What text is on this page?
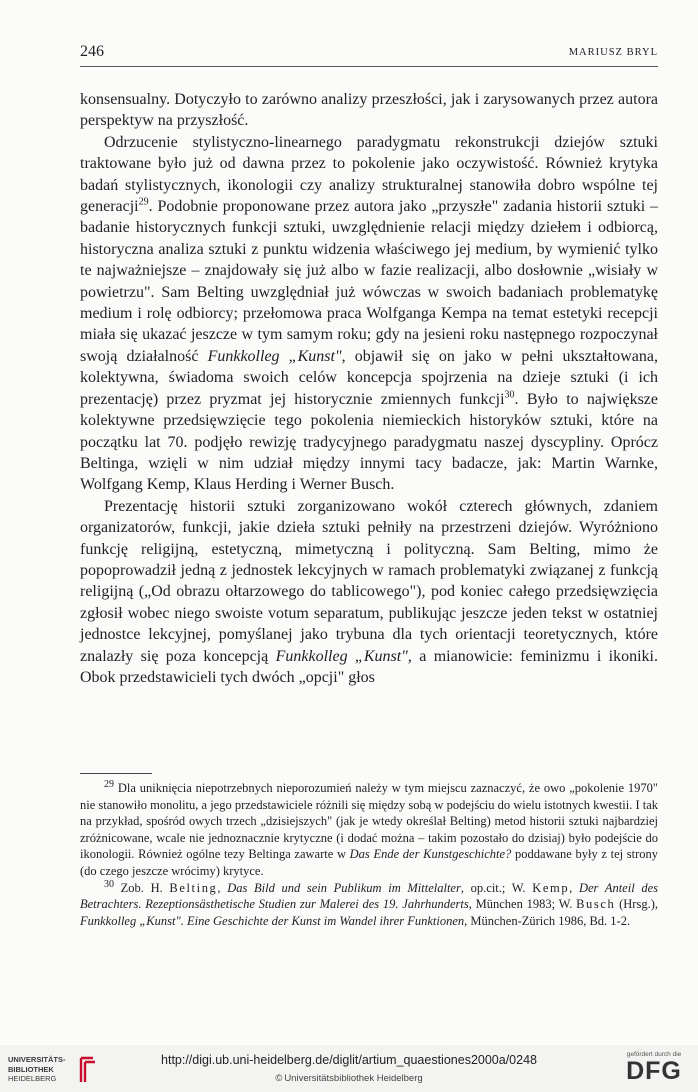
246	MARIUSZ BRYL

konsensualny. Dotyczyło to zarówno analizy przeszłości, jak i zarysowanych przez autora perspektyw na przyszłość.

Odrzucenie stylistyczno-linearnego paradygmatu rekonstrukcji dziejów sztuki traktowane było już od dawna przez to pokolenie jako oczywistość. Również krytyka badań stylistycznych, ikonologii czy analizy strukturalnej stanowiła dobro wspólne tej generacji$^{29}$. Podobnie proponowane przez autora jako „przyszłe" zadania historii sztuki – badanie historycznych funkcji sztuki, uwzględnienie relacji między dziełem i odbiorcą, historyczna analiza sztuki z punktu widzenia właściwego jej medium, by wymienić tylko te najważniejsze – znajdowały się już albo w fazie realizacji, albo dosłownie „wisiały w powietrzu". Sam Belting uwzględniał już wówczas w swoich badaniach problematykę medium i rolę odbiorcy; przełomowa praca Wolfganga Kempa na temat estetyki recepcji miała się ukazać jeszcze w tym samym roku; gdy na jesieni roku następnego rozpoczynał swoją działalność Funkkolleg „Kunst", objawił się on jako w pełni ukształtowana, kolektywna, świadoma swoich celów koncepcja spojrzenia na dzieje sztuki (i ich prezentację) przez pryzmat jej historycznie zmiennych funkcji$^{30}$. Było to największe kolektywne przedsięwzięcie tego pokolenia niemieckich historyków sztuki, które na początku lat 70. podjęło rewizję tradycyjnego paradygmatu naszej dyscypliny. Oprócz Beltinga, wzięli w nim udział między innymi tacy badacze, jak: Martin Warnke, Wolfgang Kemp, Klaus Herding i Werner Busch.

Prezentację historii sztuki zorganizowano wokół czterech głównych, zdaniem organizatorów, funkcji, jakie dzieła sztuki pełniły na przestrzeni dziejów. Wyróżniono funkcję religijną, estetyczną, mimetyczną i polityczną. Sam Belting, mimo że popoprowadził jedną z jednostek lekcyjnych w ramach problematyki związanej z funkcją religijną („Od obrazu ołtarzowego do tablicowego"), pod koniec całego przedsięwzięcia zgłosił wobec niego swoiste votum separatum, publikując jeszcze jeden tekst w ostatniej jednostce lekcyjnej, pomyślanej jako trybuna dla tych orientacji teoretycznych, które znalazły się poza koncepcją Funkkolleg „Kunst", a mianowicie: feminizmu i ikoniki. Obok przedstawicieli tych dwóch „opcji" głos

$^{29}$ Dla uniknięcia niepotrzebnych nieporozumień należy w tym miejscu zaznaczyć, że owo „pokolenie 1970" nie stanowiło monolitu, a jego przedstawiciele różnili się między sobą w podejściu do wielu istotnych kwestii. I tak na przykład, spośród owych trzech „dzisiejszych" (jak je wtedy określał Belting) metod historii sztuki najbardziej zróżnicowane, wcale nie jednoznacznie krytyczne (i dodać można – takim pozostało do dzisiaj) było podejście do ikonologii. Również ogólne tezy Beltinga zawarte w Das Ende der Kunstgeschichte? poddawane były z tej strony (do czego jeszcze wrócimy) krytyce.

$^{30}$ Zob. H. Belting, Das Bild und sein Publikum im Mittelalter, op.cit.; W. Kemp, Der Anteil des Betrachters. Rezeptionsästhetische Studien zur Malerei des 19. Jahrhunderts, München 1983; W. Busch (Hrsg.), Funkkolleg „Kunst". Eine Geschichte der Kunst im Wandel ihrer Funktionen, München-Zürich 1986, Bd. 1-2.

UNIVERSITÄTS-
BIBLIOTHEK
HEIDELBERG
http://digi.ub.uni-heidelberg.de/diglit/artium_quaestiones2000a/0248
© Universitätsbibliothek Heidelberg
gefördert durch die
DFG
